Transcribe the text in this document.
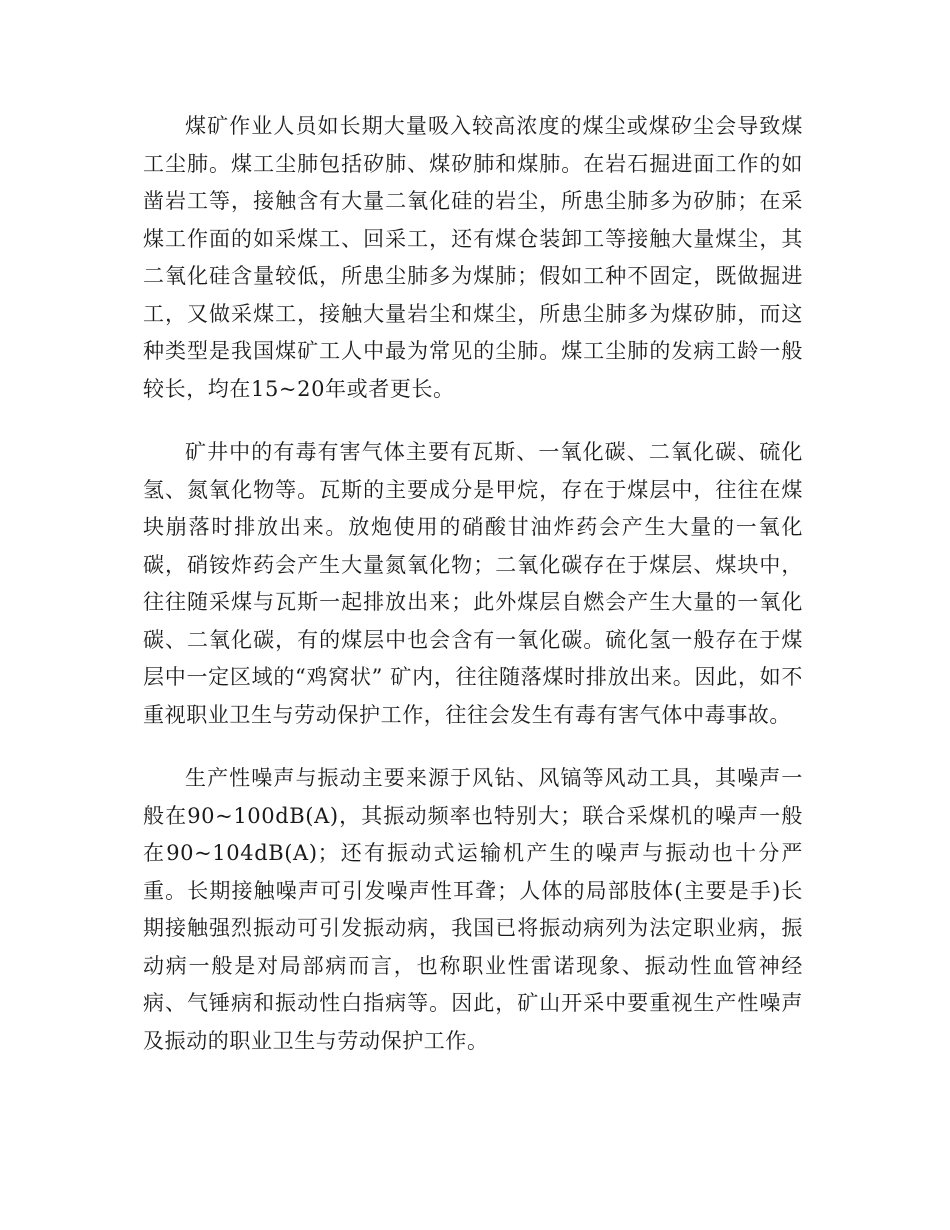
煤矿作业人员如长期大量吸入较高浓度的煤尘或煤矽尘会导致煤工尘肺。煤工尘肺包括矽肺、煤矽肺和煤肺。在岩石掘进面工作的如凿岩工等，接触含有大量二氧化硅的岩尘，所患尘肺多为矽肺；在采煤工作面的如采煤工、回采工，还有煤仓装卸工等接触大量煤尘，其二氧化硅含量较低，所患尘肺多为煤肺；假如工种不固定，既做掘进工，又做采煤工，接触大量岩尘和煤尘，所患尘肺多为煤矽肺，而这种类型是我国煤矿工人中最为常见的尘肺。煤工尘肺的发病工龄一般较长，均在15~20年或者更长。

矿井中的有毒有害气体主要有瓦斯、一氧化碳、二氧化碳、硫化氢、氮氧化物等。瓦斯的主要成分是甲烷，存在于煤层中，往往在煤块崩落时排放出来。放炮使用的硝酸甘油炸药会产生大量的一氧化碳，硝铵炸药会产生大量氮氧化物；二氧化碳存在于煤层、煤块中，往往随采煤与瓦斯一起排放出来；此外煤层自燃会产生大量的一氧化碳、二氧化碳，有的煤层中也会含有一氧化碳。硫化氢一般存在于煤层中一定区域的“鸡窝状” 矿内，往往随落煤时排放出来。因此，如不重视职业卫生与劳动保护工作，往往会发生有毒有害气体中毒事故。

生产性噪声与振动主要来源于风钻、风镐等风动工具，其噪声一般在90~100dB(A)，其振动频率也特别大；联合采煤机的噪声一般在90~104dB(A)；还有振动式运输机产生的噪声与振动也十分严重。长期接触噪声可引发噪声性耳聋；人体的局部肢体(主要是手)长期接触强烈振动可引发振动病，我国已将振动病列为法定职业病，振动病一般是对局部病而言，也称职业性雷诺现象、振动性血管神经病、气锤病和振动性白指病等。因此，矿山开采中要重视生产性噪声及振动的职业卫生与劳动保护工作。
